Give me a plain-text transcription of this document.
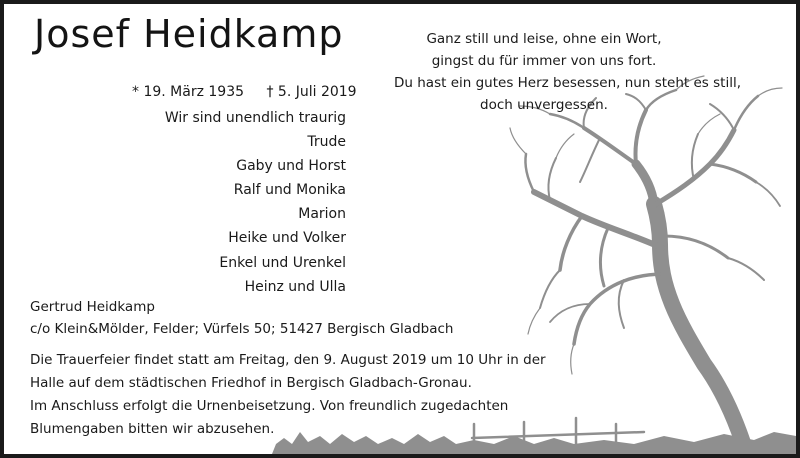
Josef Heidkamp
* 19. März 1935 † 5. Juli 2019
Wir sind unendlich traurig
Trude
Gaby und Horst
Ralf und Monika
Marion
Heike und Volker
Enkel und Urenkel
Heinz und Ulla
Ganz still und leise, ohne ein Wort,
gingst du für immer von uns fort.
Du hast ein gutes Herz besessen, nun steht es still,
doch unvergessen.
Gertrud Heidkamp
c/o Klein&Mölder, Felder; Vürfels 50; 51427 Bergisch Gladbach
Die Trauerfeier findet statt am Freitag, den 9. August 2019 um 10 Uhr in der
Halle auf dem städtischen Friedhof in Bergisch Gladbach-Gronau.
Im Anschluss erfolgt die Urnenbeisetzung. Von freundlich zugedachten
Blumengaben bitten wir abzusehen.
